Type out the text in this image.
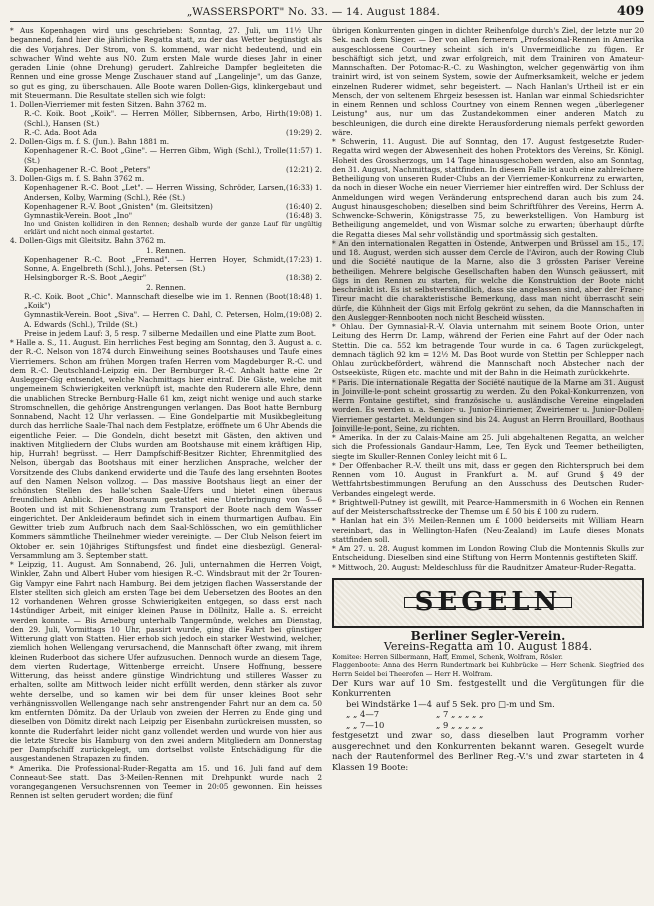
„WASSERSPORT" No. 33. — 14. August 1884.	409

* Aus Kopenhagen wird uns geschrieben: Sonntag, 27. Juli, um 11½ Uhr begannend, fand hier die jährliche Regatta statt, zu der das Wetter begünstigt als die des Vorjahres. Der Strom, von S. kommend, war nicht bedeutend, und ein schwacher Wind wehte aus N0. Zum ersten Male wurde dieses Jahr in einer geraden Linie (ohne Drehung) gerudert. Zahlreiche Dampfer begleiteten die Rennen und eine grosse Menge Zuschauer stand auf „Langelinje", um das Ganze, so gut es ging, zu überschauen. Alle Boote waren Dollen-Gigs, klinkergebaut und mit Steuermann. Die Resultate stellen sich wie folgt:

1. Dollen-Vierriemer mit festen Sitzen. Bahn 3762 m.

R.-C. Koik. Boot „Koik". — Herren Möller, Sibbernsen, Arbo, Hirth (Schl.), Hansen (St.)
(19:08) 1.
R.-C. Ada. Boot Ada	(19:29) 2.

2. Dollen-Gigs m. f. S. (Jun.). Bahn 1881 m.

Kopenhagener R.-C. Boot „Gine". — Herren Gibm, Wigh (Schl.), Trolle (St.)
(11:57) 1.
Kopenhagener R.-C. Boot „Peters"	(12:21) 2.

3. Dollen-Gigs m. f. S. Bahn 3762 m.

Kopenhagener R.-C. Boot „Let". — Herren Wissing, Schröder, Larsen, Andersen, Kolby, Warming (Schl.), Rée (St.)
(16:33) 1.
Kopenhagener R.-V. Boot „Gnisten" (m. Gleitsitzen)	(16:40) 2.
Gymnastik-Verein. Boot „Ino"	(16:48) 3.

Ino und Gnisten kollidiren in den Rennen; deshalb wurde der ganze Lauf für ungültig erklärt und nicht noch einmal gestartet.

4. Dollen-Gigs mit Gleitsitz. Bahn 3762 m.

1. Rennen.

Kopenhagener R.-C. Boot „Fremad". — Herren Hoyer, Schmidt, Sonne, A. Engelbreth (Schl.), Johs. Petersen (St.)
(17:23) 1.
Helsingborger R.-S. Boot „Aegir"	(18:38) 2.

2. Rennen.

R.-C. Koik. Boot „Chic". Mannschaft dieselbe wie im 1. Rennen (Boot „Koik")
(18:48) 1.
Gymnastik-Verein. Boot „Siva". — Herren C. Dahl, C. Petersen, Holm, A. Edwards (Schl.), Trilde (St.)
(19:08) 2.

Preise in jedem Lauf: 3, 5 resp. 7 silberne Medaillen und eine Platte zum Boot.

* Halle a. S., 11. August. Ein herrliches Fest beging am Sonntag, den 3. August a. c. der R.-C. Nelson von 1874 durch Einweihung seines Bootshauses und Taufe eines Vierriemers. Schon am frühen Morgen trafen Herren vom Magdeburger R.-C. und dem R.-C. Deutschland-Leipzig ein. Der Bernburger R.-C. Anhalt hatte eine 2r Auslegger-Gig entsendet, welche Nachmittags hier eintraf. Die Gäste, welche mit ungemeinem Schwierigkeiten verknüpft ist, machte den Ruderern alle Ehre, denn die unablichen Strecke Bernburg-Halle 61 km, zeigt nicht wenige und auch starke Stromschnellen, die gehörige Anstrengungen verlangen. Das Boot hatte Bernburg Sonnabend, Nacht 12 Uhr verlassen. — Eine Gondelpartie mit Musikbegleitung durch das herrliche Saale-Thal nach dem Festplatze, eröffnete um 6 Uhr Abends die eigentliche Feier. — Die Gondeln, dicht besetzt mit Gästen, den aktiven und inaktiven Mitgliedern der Clubs wurden am Bootshause mit einem kräftigen Hip, hip, Hurrah! begrüsst. — Herr Dampfschiff-Besitzer Richter, Ehrenmitglied des Nelson, übergab das Bootshaus mit einer herzlichen Ansprache, welcher der Vorsitzende des Clubs dankend erwiderte und die Taufe des lang ersehnten Bootes auf den Namen Nelson vollzog. — Das massive Bootshaus liegt an einer der schönsten Stellen des halle'schen Saale-Ufers und bietet einen überaus freundlichen Anblick. Der Bootsraum gestattet eine Unterbringung von 5—6 Booten und ist mit Schienenstrang zum Transport der Boote nach dem Wasser eingerichtet. Der Ankleideraum befindet sich in einem thurmartigen Aufbau. Ein Gewitter trieb zum Aufbruch nach dem Saal-Schlösschen, wo ein gemüthlicher Kommers sämmtliche Theilnehmer wieder vereinigte. — Der Club Nelson feiert im Oktober er. sein 10jähriges Stiftungsfest und findet eine diesbezügl. General-Versammlung am 3. September statt.

* Leipzig, 11. August. Am Sonnabend, 26. Juli, unternahmen die Herren Voigt, Winkler, Zahn und Albert Huber vom hiesigen R.-C. Windsbraut mit der 2r Touren-Gig Vampyr eine Fahrt nach Hamburg. Bei dem jetzigen flachen Wasserstande der Elster stellten sich gleich am ersten Tage bei dem Uebersetzen des Bootes an den 12 vorhandenen Wehren grosse Schwierigkeiten entgegen, so dass erst nach 14stündiger Arbeit, mit einiger kleinen Pause in Döllnitz, Halle a. S. erreicht werden konnte. — Bis Arneburg unterhalb Tangermünde, welches am Dienstag, den 29. Juli, Vormittags 10 Uhr, passirt wurde, ging die Fahrt bei günstiger Witterung glatt von Statten. Hier erhob sich jedoch ein starker Westwind, welcher, ziemlich hohen Wellengang verursachend, die Mannschaft öfter zwang, mit ihrem kleinen Ruderboot das sichere Ufer aufzusuchen. Dennoch wurde an diesem Tage, dem vierten Rudertage, Wittenberge erreicht. Unsere Hoffnung, bessere Witterung, das heisst andere günstige Windrichtung und stilleres Wasser zu erhalten, sollte am Mittwoch leider nicht erfüllt werden, denn stärker als zuvor wehte derselbe, und so kamen wir bei dem für unser kleines Boot sehr verhängnissvollen Wellengange nach sehr anstrengender Fahrt nur an dem ca. 50 km entfernten Dömitz. Da der Urlaub von zweien der Herren zu Ende ging und dieselben von Dömitz direkt nach Leipzig per Eisenbahn zurückreisen mussten, so konnte die Ruderfahrt leider nicht ganz vollendet werden und wurde von hier aus die letzte Strecke bis Hamburg von den zwei andern Mitgliedern am Donnerstag per Dampfschiff zurückgelegt, um dortselbst vollste Entschädigung für die ausgestandenen Strapazen zu finden.

* Amerika. Die Professional-Ruder-Regatta am 15. und 16. Juli fand auf dem Conneaut-See statt. Das 3-Meilen-Rennen mit Drehpunkt wurde nach 2 vorangegangenen Versuchsrennen von Teemer in 20:05 gewonnen. Ein heisses Rennen ist selten gerudert worden; die fünf

übrigen Konkurrenten gingen in dichter Reihenfolge durch's Ziel, der letzte nur 20 Sek. nach dem Sieger. — Der von allen fernerern „Professional-Rennen in Amerika ausgeschlossene Courtney scheint sich in's Unvermeidliche zu fügen. Er beschäftigt sich jetzt, und zwar erfolgreich, mit dem Trainiren von Amateur-Mannschaften. Der Potomac-R.-C. zu Washington, welcher gegenwärtig von ihm trainirt wird, ist von seinem System, sowie der Aufmerksamkeit, welche er jedem einzelnen Ruderer widmet, sehr begeistert. — Nach Hanlan's Urtheil ist er ein Mensch, der von seltenem Ehrgeiz besessen ist. Hanlan war einmal Schiedsrichter in einem Rennen und schloss Courtney von einem Rennen wegen „überlegener Leistung" aus, nur um das Zustandekommen einer anderen Match zu beschleunigen, die durch eine direkte Herausforderung niemals perfekt geworden wäre.

* Schwerin, 11. August. Die auf Sonntag, den 17. August festgesetzte Ruder-Regatta wird wegen der Abwesenheit des hohen Protektors des Vereins, Sr. Königl. Hoheit des Grossherzogs, um 14 Tage hinausgeschoben werden, also am Sonntag, den 31. August, Nachmittags, stattfinden. In diesem Falle ist auch eine zahlreichere Betheiligung von unseren Ruder-Clubs an der Vierriemer-Konkurrenz zu erwarten, da noch in dieser Woche ein neuer Vierriemer hier eintreffen wird. Der Schluss der Anmeldungen wird wegen Veränderung entsprechend daran auch bis zum 24. August hinausgeschoben; dieselben sind beim Schriftführer des Vereins, Herrn A. Schwencke-Schwerin, Königstrasse 75, zu bewerkstelligen. Von Hamburg ist Betheiligung angemeldet, und von Wismar solche zu erwarten; überhaupt dürfte die Regatta dieses Mal sehr vollständig und sportmässig sich gestalten.

* An den internationalen Regatten in Ostende, Antwerpen und Brüssel am 15., 17. und 18. August, werden sich ausser dem Cercle de l'Aviron, auch der Rowing Club und die Société nautique de la Marne, also die 3 grössten Pariser Vereine betheiligen. Mehrere belgische Gesellschaften haben den Wunsch geäussert, mit Gigs in den Rennen zu starten, für welche die Konstruktion der Boote nicht beschränkt ist. Es ist selbstverständlich, dass sie angelassen sind, aber der Franc-Tireur macht die charakteristische Bemerkung, dass man nicht überrascht sein dürfe, die Kühnheit der Gigs mit Erfolg gekrönt zu sehen, da die Mannschaften in den Auslegger-Rennbooten noch nicht Bescheid wüssten.

* Ohlau. Der Gymnasial-R.-V. Olavia unternahm mit seinem Boote Orion, unter Leitung des Herrn Dr. Lamp, während der Ferien eine Fahrt auf der Oder nach Stettin. Die ca. 552 km betragende Tour wurde in ca. 6 Tagen zurückgelegt, demnach täglich 92 km = 12½ M. Das Boot wurde von Stettin per Schlepper nach Ohlau zurückbefördert, während die Mannschaft noch Abstecher nach der Ostseeküste, Rügen etc. machte und mit der Bahn in die Heimath zurückkehrte.

* Paris. Die internationale Regatta der Société nautique de la Marne am 31. August in Joinville-le-pont scheint grossartig zu werden. Zu den Pokal-Konkurrenzen, von Herrn Fontaine gestiftet, sind französische u. ausländische Vereine eingeladen worden. Es werden u. a. Senior- u. Junior-Einriemer, Zweiriemer u. Junior-Dollen-Vierriemer gestartet. Meldungen sind bis 24. August an Herrn Brouillard, Boothaus Joinville-le-pont, Seine, zu richten.

* Amerika. In der zu Calais-Maine am 25. Juli abgehaltenen Regatta, an welcher sich die Professionals Gandaur-Hamm, Lee, Ten Eyck und Teemer betheiligten, siegte im Skuller-Rennen Conley leicht mit 6 L.

* Der Offenbacher R.-V. theilt uns mit, dass er gegen den Richterspruch bei dem Rennen vom 10. August in Frankfurt a. M. auf Grund § 49 der Wettfahrtsbestimmungen Berufung an den Ausschuss des Deutschen Ruder-Verbandes eingelegt werde.

* Brightwell-Putney ist gewillt, mit Pearce-Hammersmith in 6 Wochen ein Rennen auf der Meisterschaftsstrecke der Themse um £ 50 bis £ 100 zu rudern.

* Hanlan hat ein 3½ Meilen-Rennen um £ 1000 beiderseits mit William Hearn vereinbart, das in Wellington-Hafen (Neu-Zealand) im Laufe dieses Monats stattfinden soll.

* Am 27. u. 28. August kommen im London Rowing Club die Montennis Skulls zur Entscheidung. Dieselben sind eine Stiftung von Herrn Montennis gestifteten Skiff.

* Mittwoch, 20. August: Meldeschluss für die Raudnitzer Amateur-Ruder-Regatta.

SEGELN
Berliner Segler-Verein.
Vereins-Regatta am 10. August 1884.

Komitee: Herren Silbermann, Haff, Emmel, Schenk, Wolfram, Rösler.

Flaggenboote: Anna des Herrn Rundertmark bei Kuhbrücke — Herr Schenk. Siegfried des Herrn Seidel bei Theerofen — Herr H. Wolfram.

Der Kurs war auf 10 Sm. festgestellt und die Vergütungen für die Konkurrenten

bei Windstärke 1—4 auf 5 Sek. pro □-m und Sm.
„ „ 4—7	„ 7 „ „ „ „ „
„ „ 7—10	„ 9 „ „ „ „ „

festgesetzt und zwar so, dass dieselben laut Programm vorher ausgerechnet und den Konkurrenten bekannt waren. Gesegelt wurde nach der Rautenformel des Berliner Reg.-V.'s und zwar starteten in 4 Klassen 19 Boote:
